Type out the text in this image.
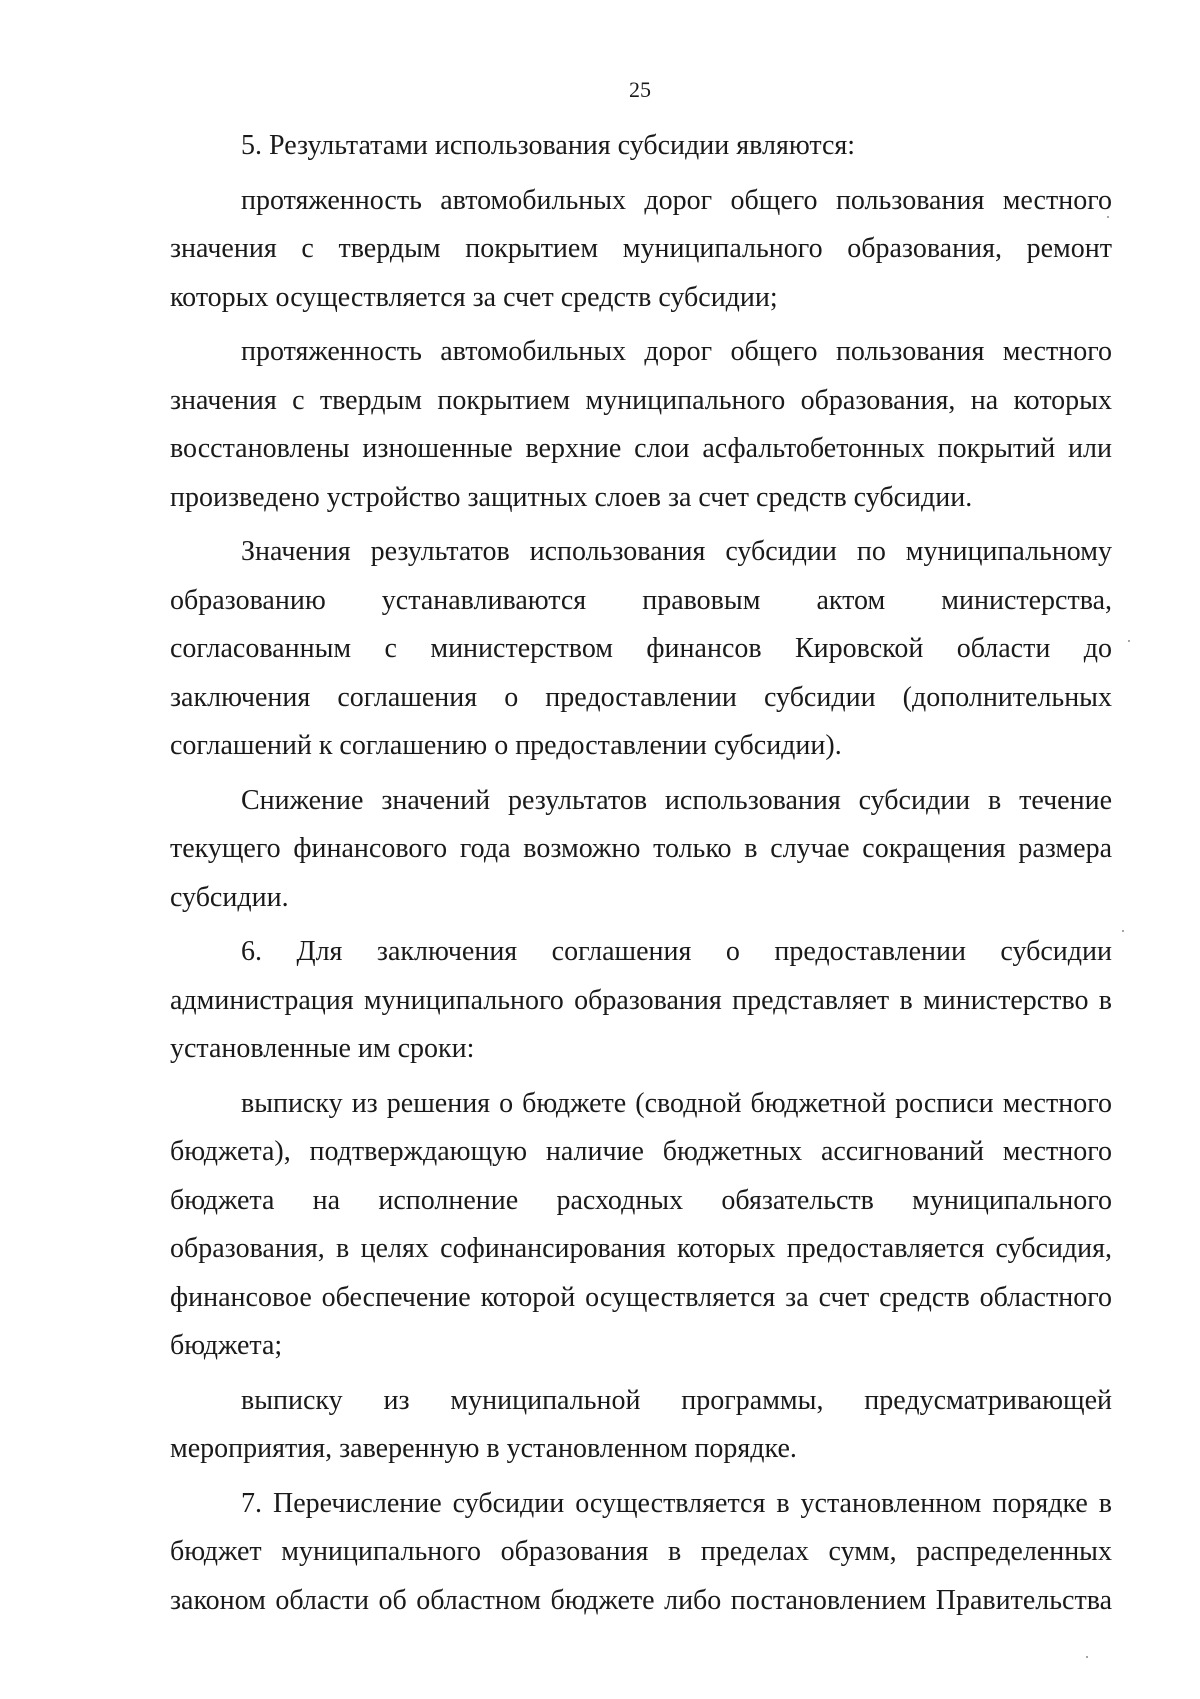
25
5. Результатами использования субсидии являются:
протяженность автомобильных дорог общего пользования местного
значения с твердым покрытием муниципального образования, ремонт
которых осуществляется за счет средств субсидии;
протяженность автомобильных дорог общего пользования местного
значения с твердым покрытием муниципального образования, на которых
восстановлены изношенные верхние слои асфальтобетонных покрытий или
произведено устройство защитных слоев за счет средств субсидии.
Значения результатов использования субсидии по муниципальному
образованию устанавливаются правовым актом министерства,
согласованным с министерством финансов Кировской области до
заключения соглашения о предоставлении субсидии (дополнительных
соглашений к соглашению о предоставлении субсидии).
Снижение значений результатов использования субсидии в течение
текущего финансового года возможно только в случае сокращения размера
субсидии.
6. Для заключения соглашения о предоставлении субсидии
администрация муниципального образования представляет в министерство в
установленные им сроки:
выписку из решения о бюджете (сводной бюджетной росписи местного
бюджета), подтверждающую наличие бюджетных ассигнований местного
бюджета на исполнение расходных обязательств муниципального
образования, в целях софинансирования которых предоставляется субсидия,
финансовое обеспечение которой осуществляется за счет средств областного
бюджета;
выписку из муниципальной программы, предусматривающей
мероприятия, заверенную в установленном порядке.
7. Перечисление субсидии осуществляется в установленном порядке в
бюджет муниципального образования в пределах сумм, распределенных
законом области об областном бюджете либо постановлением Правительства
